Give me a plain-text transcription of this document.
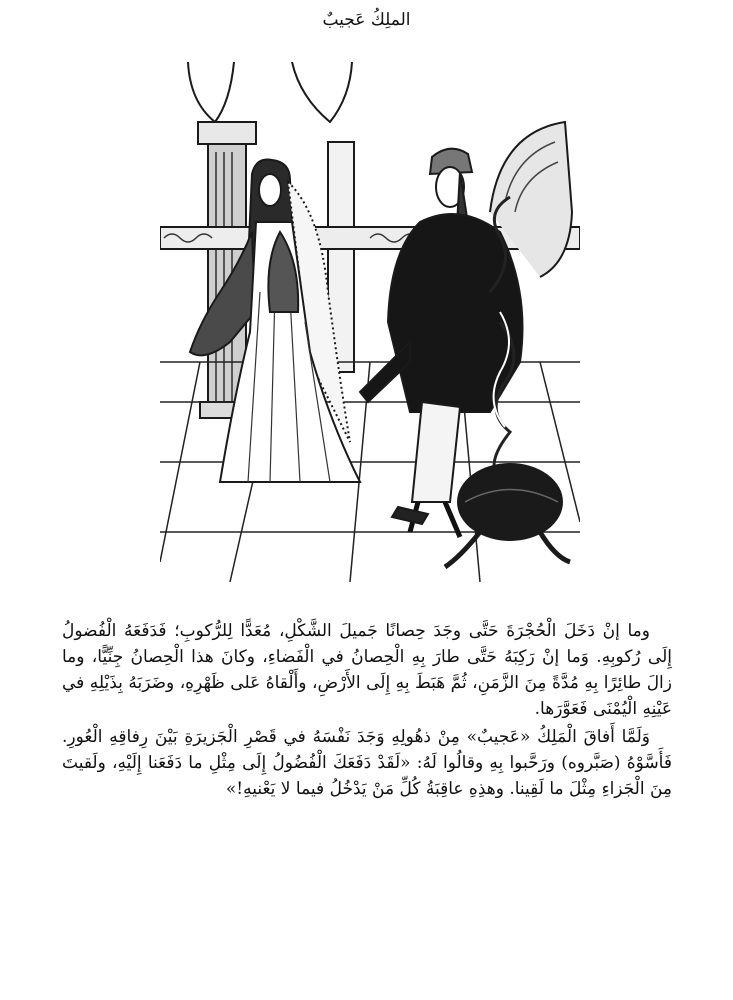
الملِكُ عَجيبٌ

وما إنْ دَخَلَ الْحُجْرَةَ حَتَّى وجَدَ حِصانًا جَميلَ الشَّكْلِ، مُعَدًّا لِلرُّكوبِ؛ فَدَفَعَهُ الْفُضولُ إِلَى رُكوبِهِ. وَما إنْ رَكِبَهُ حَتَّى طارَ بِهِ الْحِصانُ في الْفَضاءِ، وكانَ هذا الْحِصانُ جِنِّيًّا، وما زالَ طائِرًا بِهِ مُدَّةً مِنَ الزَّمَنِ، ثُمَّ هَبَطَ بِهِ إِلَى الأَرْضِ، وأَلْقاهُ عَلى ظَهْرِهِ، وضَرَبَهُ بِذَيْلِهِ في عَيْنِهِ الْيُمْنَى فَعَوَّرَها.

وَلَمَّا أَفاقَ الْمَلِكُ «عَجيبٌ» مِنْ ذهُولِهِ وَجَدَ نَفْسَهُ في قَصْرِ الْجَزيرَةِ بَيْنَ رِفاقِهِ الْعُورِ. فَأَسَّوْهُ (صَبَّروه) ورَحَّبوا بِهِ وقالُوا لَهُ: «لَقَدْ دَفَعَكَ الْفُضُولُ إِلَى مِثْلِ ما دَفَعَنا إِلَيْهِ، ولَقيتَ مِنَ الْجَزاءِ مِثْلَ ما لَقِينا. وهذِهِ عاقِبَةُ كُلِّ مَنْ يَدْخُلُ فيما لا يَعْنيهِ!»
